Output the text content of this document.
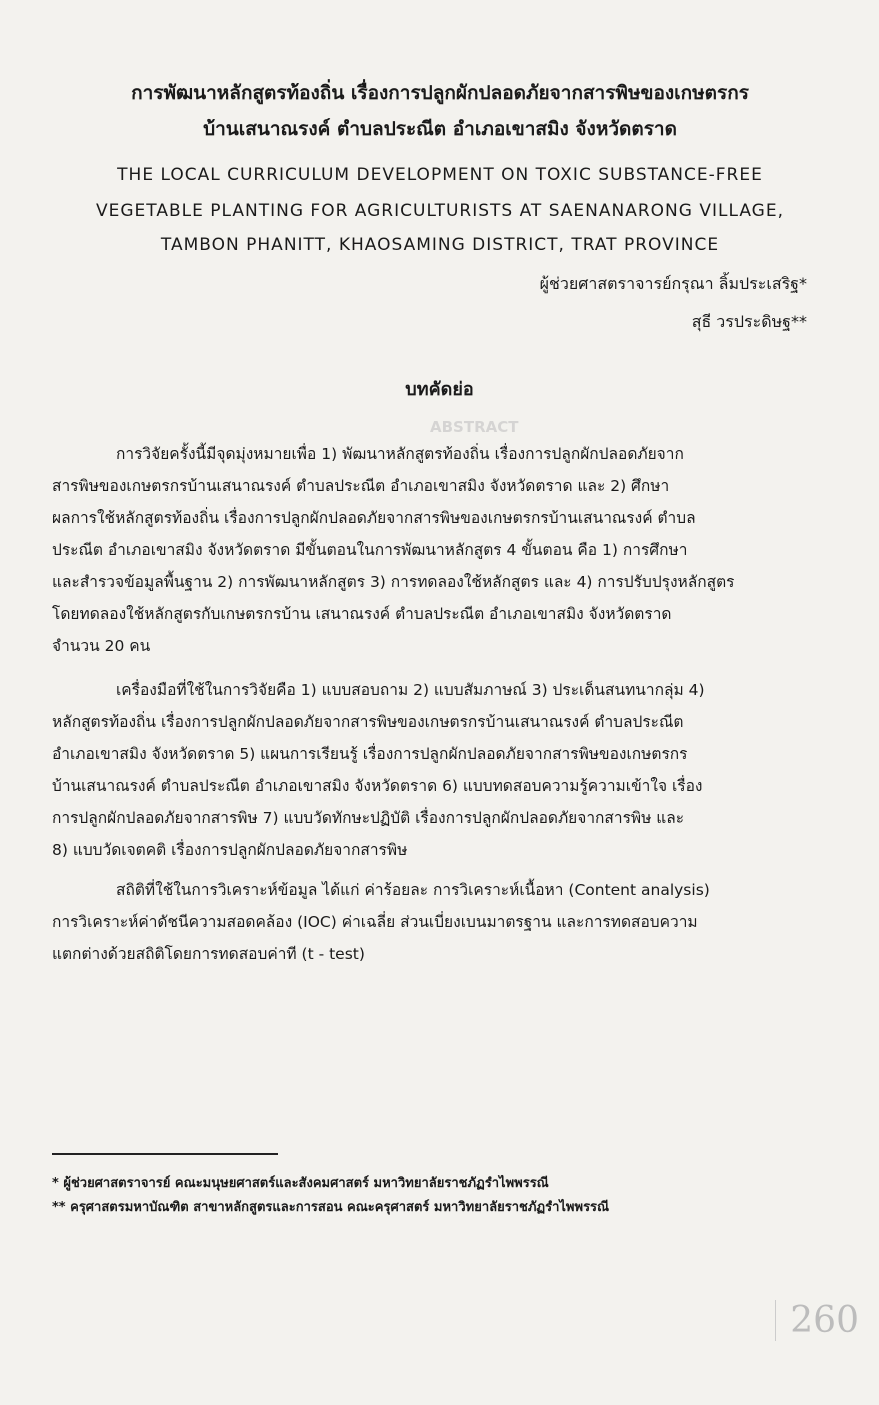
ABSTRACT
การพัฒนาหลักสูตรท้องถิ่น เรื่องการปลูกผักปลอดภัยจากสารพิษของเกษตรกร
บ้านเสนาณรงค์ ตำบลประณีต อำเภอเขาสมิง จังหวัดตราด
THE LOCAL CURRICULUM DEVELOPMENT ON TOXIC SUBSTANCE-FREE
VEGETABLE PLANTING FOR AGRICULTURISTS AT SAENANARONG VILLAGE,
TAMBON PHANITT, KHAOSAMING DISTRICT, TRAT PROVINCE
ผู้ช่วยศาสตราจารย์กรุณา ลิ้มประเสริฐ*
สุธี วรประดิษฐ**
บทคัดย่อ
การวิจัยครั้งนี้มีจุดมุ่งหมายเพื่อ 1) พัฒนาหลักสูตรท้องถิ่น เรื่องการปลูกผักปลอดภัยจาก
สารพิษของเกษตรกรบ้านเสนาณรงค์ ตำบลประณีต อำเภอเขาสมิง จังหวัดตราด และ 2) ศึกษา
ผลการใช้หลักสูตรท้องถิ่น เรื่องการปลูกผักปลอดภัยจากสารพิษของเกษตรกรบ้านเสนาณรงค์ ตำบล
ประณีต อำเภอเขาสมิง จังหวัดตราด มีขั้นตอนในการพัฒนาหลักสูตร 4 ขั้นตอน คือ 1) การศึกษา
และสำรวจข้อมูลพื้นฐาน 2) การพัฒนาหลักสูตร 3) การทดลองใช้หลักสูตร และ 4) การปรับปรุงหลักสูตร
โดยทดลองใช้หลักสูตรกับเกษตรกรบ้าน เสนาณรงค์ ตำบลประณีต อำเภอเขาสมิง จังหวัดตราด
จำนวน 20 คน
เครื่องมือที่ใช้ในการวิจัยคือ 1) แบบสอบถาม 2) แบบสัมภาษณ์ 3) ประเด็นสนทนากลุ่ม 4)
หลักสูตรท้องถิ่น เรื่องการปลูกผักปลอดภัยจากสารพิษของเกษตรกรบ้านเสนาณรงค์ ตำบลประณีต
อำเภอเขาสมิง จังหวัดตราด 5) แผนการเรียนรู้ เรื่องการปลูกผักปลอดภัยจากสารพิษของเกษตรกร
บ้านเสนาณรงค์ ตำบลประณีต อำเภอเขาสมิง จังหวัดตราด 6) แบบทดสอบความรู้ความเข้าใจ เรื่อง
การปลูกผักปลอดภัยจากสารพิษ 7) แบบวัดทักษะปฏิบัติ เรื่องการปลูกผักปลอดภัยจากสารพิษ และ
8) แบบวัดเจตคติ เรื่องการปลูกผักปลอดภัยจากสารพิษ
สถิติที่ใช้ในการวิเคราะห์ข้อมูล ได้แก่ ค่าร้อยละ การวิเคราะห์เนื้อหา (Content analysis)
การวิเคราะห์ค่าดัชนีความสอดคล้อง (IOC) ค่าเฉลี่ย ส่วนเบี่ยงเบนมาตรฐาน และการทดสอบความ
แตกต่างด้วยสถิติโดยการทดสอบค่าที (t - test)
* ผู้ช่วยศาสตราจารย์ คณะมนุษยศาสตร์และสังคมศาสตร์ มหาวิทยาลัยราชภัฏรำไพพรรณี
** ครุศาสตรมหาบัณฑิต สาขาหลักสูตรและการสอน คณะครุศาสตร์ มหาวิทยาลัยราชภัฏรำไพพรรณี
260
